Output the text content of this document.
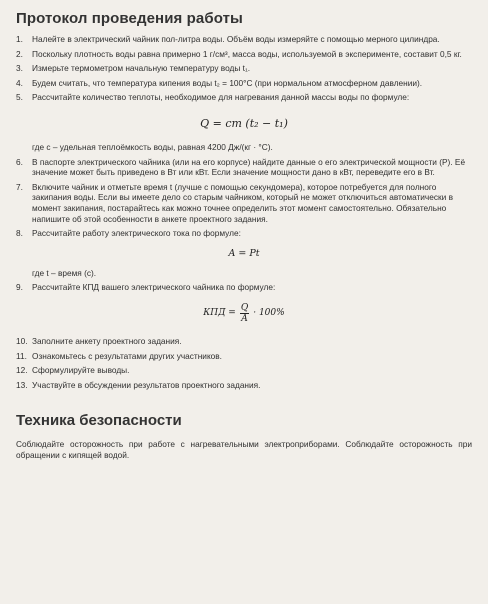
Протокол проведения работы
1. Налейте в электрический чайник пол-литра воды. Объём воды измеряйте с помощью мерного цилиндра.
2. Поскольку плотность воды равна примерно 1 г/см³, масса воды, используемой в эксперименте, составит 0,5 кг.
3. Измерьте термометром начальную температуру воды t₁.
4. Будем считать, что температура кипения воды t₂ = 100°С (при нормальном атмосферном давлении).
5. Рассчитайте количество теплоты, необходимое для нагревания данной массы воды по формуле:
Q = cm (t₂ − t₁)
где с – удельная теплоёмкость воды, равная 4200 Дж/(кг · °С).
6. В паспорте электрического чайника (или на его корпусе) найдите данные о его электрической мощности (Р). Её значение может быть приведено в Вт или кВт. Если значение мощности дано в кВт, переведите его в Вт.
7. Включите чайник и отметьте время t (лучше с помощью секундомера), которое потребуется для полного закипания воды. Если вы имеете дело со старым чайником, который не может отключиться автоматически в момент закипания, постарайтесь как можно точнее определить этот момент самостоятельно. Обязательно напишите об этой особенности в анкете проектного задания.
8. Рассчитайте работу электрического тока по формуле:
A = Pt
где t – время (с).
9. Рассчитайте КПД вашего электрического чайника по формуле:
КПД = $\frac{Q}{A} \cdot 100\%$
10. Заполните анкету проектного задания.
11. Ознакомьтесь с результатами других участников.
12. Сформулируйте выводы.
13. Участвуйте в обсуждении результатов проектного задания.
Техника безопасности

Соблюдайте осторожность при работе с нагревательными электроприборами. Соблюдайте осторожность при обращении с кипящей водой.
